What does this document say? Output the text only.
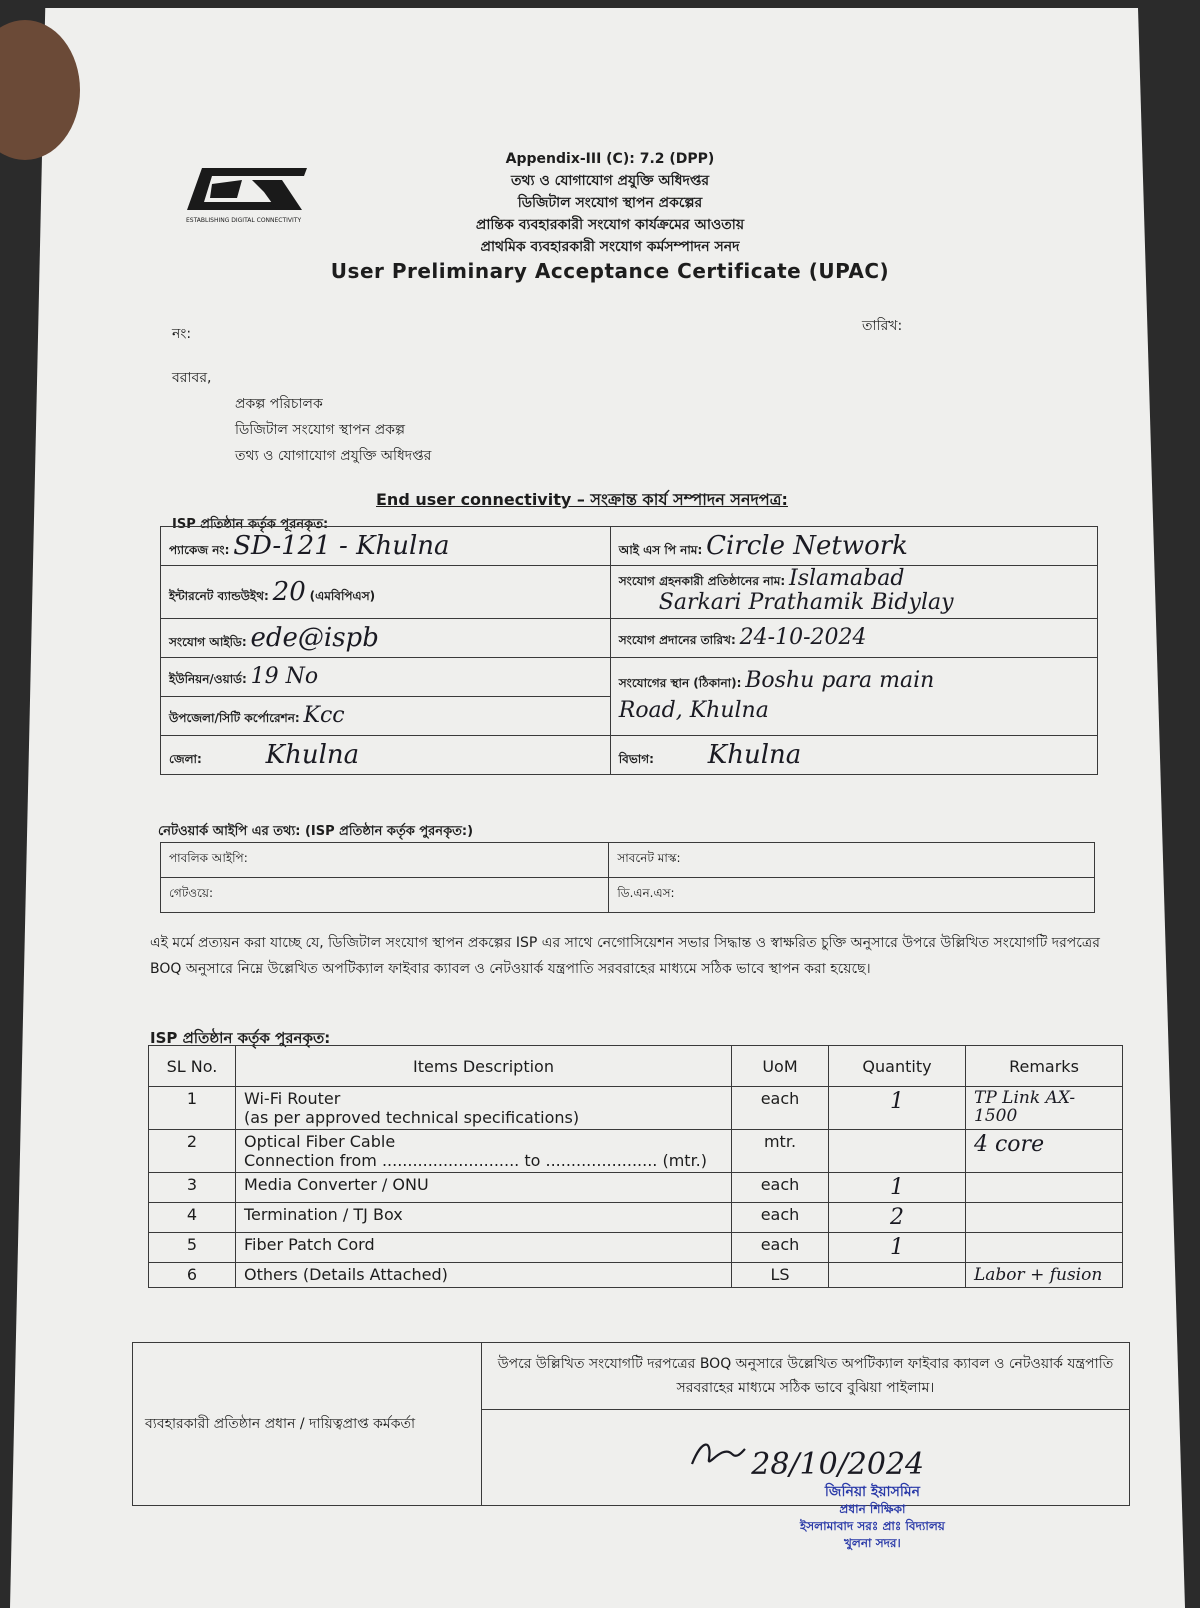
ESTABLISHING DIGITAL CONNECTIVITY
Appendix-III (C): 7.2 (DPP)
তথ্য ও যোগাযোগ প্রযুক্তি অধিদপ্তর
ডিজিটাল সংযোগ স্থাপন প্রকল্পের
প্রান্তিক ব্যবহারকারী সংযোগ কার্যক্রমের আওতায়
প্রাথমিক ব্যবহারকারী সংযোগ কর্মসম্পাদন সনদ
User Preliminary Acceptance Certificate (UPAC)
নং:	তারিখ:
বরাবর,
প্রকল্প পরিচালক
ডিজিটাল সংযোগ স্থাপন প্রকল্প
তথ্য ও যোগাযোগ প্রযুক্তি অধিদপ্তর
End user connectivity – সংক্রান্ত কার্য সম্পাদন সনদপত্র:
ISP প্রতিষ্ঠান কর্তৃক পূরনকৃত:
প্যাকেজ নং: SD-121 - Khulna	আই এস পি নাম: Circle Network
ইন্টারনেট ব্যান্ডউইথ: 20 (এমবিপিএস)	সংযোগ গ্রহনকারী প্রতিষ্ঠানের নাম: Islamabad
Sarkari Prathamik Bidylay
সংযোগ আইডি: ede@ispb	সংযোগ প্রদানের তারিখ: 24-10-2024
ইউনিয়ন/ওয়ার্ড: 19 No	সংযোগের স্থান (ঠিকানা): Boshu para main
Road, Khulna
উপজেলা/সিটি কর্পোরেশন: Kcc	
জেলা: Khulna	বিভাগ: Khulna
নেটওয়ার্ক আইপি এর তথ্য: (ISP প্রতিষ্ঠান কর্তৃক পুরনকৃত:)
পাবলিক আইপি:	সাবনেট মাস্ক:
গেটওয়ে:	ডি.এন.এস:
এই মর্মে প্রত্যয়ন করা যাচ্ছে যে, ডিজিটাল সংযোগ স্থাপন প্রকল্পের ISP এর সাথে নেগোসিয়েশন সভার সিদ্ধান্ত ও স্বাক্ষরিত চুক্তি অনুসারে উপরে উল্লিখিত সংযোগটি দরপত্রের BOQ অনুসারে নিম্নে উল্লেখিত অপটিক্যাল ফাইবার ক্যাবল ও নেটওয়ার্ক যন্ত্রপাতি সরবরাহের মাধ্যমে সঠিক ভাবে স্থাপন করা হয়েছে।
ISP প্রতিষ্ঠান কর্তৃক পুরনকৃত:
SL No.	Items Description	UoM	Quantity	Remarks
1	Wi-Fi Router
(as per approved technical specifications)	each	1	TP Link AX-1500
2	Optical Fiber Cable
Connection from ........................... to ...................... (mtr.)	mtr.		4 core
3	Media Converter / ONU	each	1	
4	Termination / TJ Box	each	2	
5	Fiber Patch Cord	each	1	
6	Others (Details Attached)	LS		Labor + fusion
ব্যবহারকারী প্রতিষ্ঠান প্রধান / দায়িত্বপ্রাপ্ত কর্মকর্তা	উপরে উল্লিখিত সংযোগটি দরপত্রের BOQ অনুসারে উল্লেখিত অপটিক্যাল ফাইবার ক্যাবল ও নেটওয়ার্ক যন্ত্রপাতি সরবরাহের মাধ্যমে সঠিক ভাবে বুঝিয়া পাইলাম।
28/10/2024
জিনিয়া ইয়াসমিন
প্রধান শিক্ষিকা
ইসলামাবাদ সরঃ প্রাঃ বিদ্যালয়
খুলনা সদর।
